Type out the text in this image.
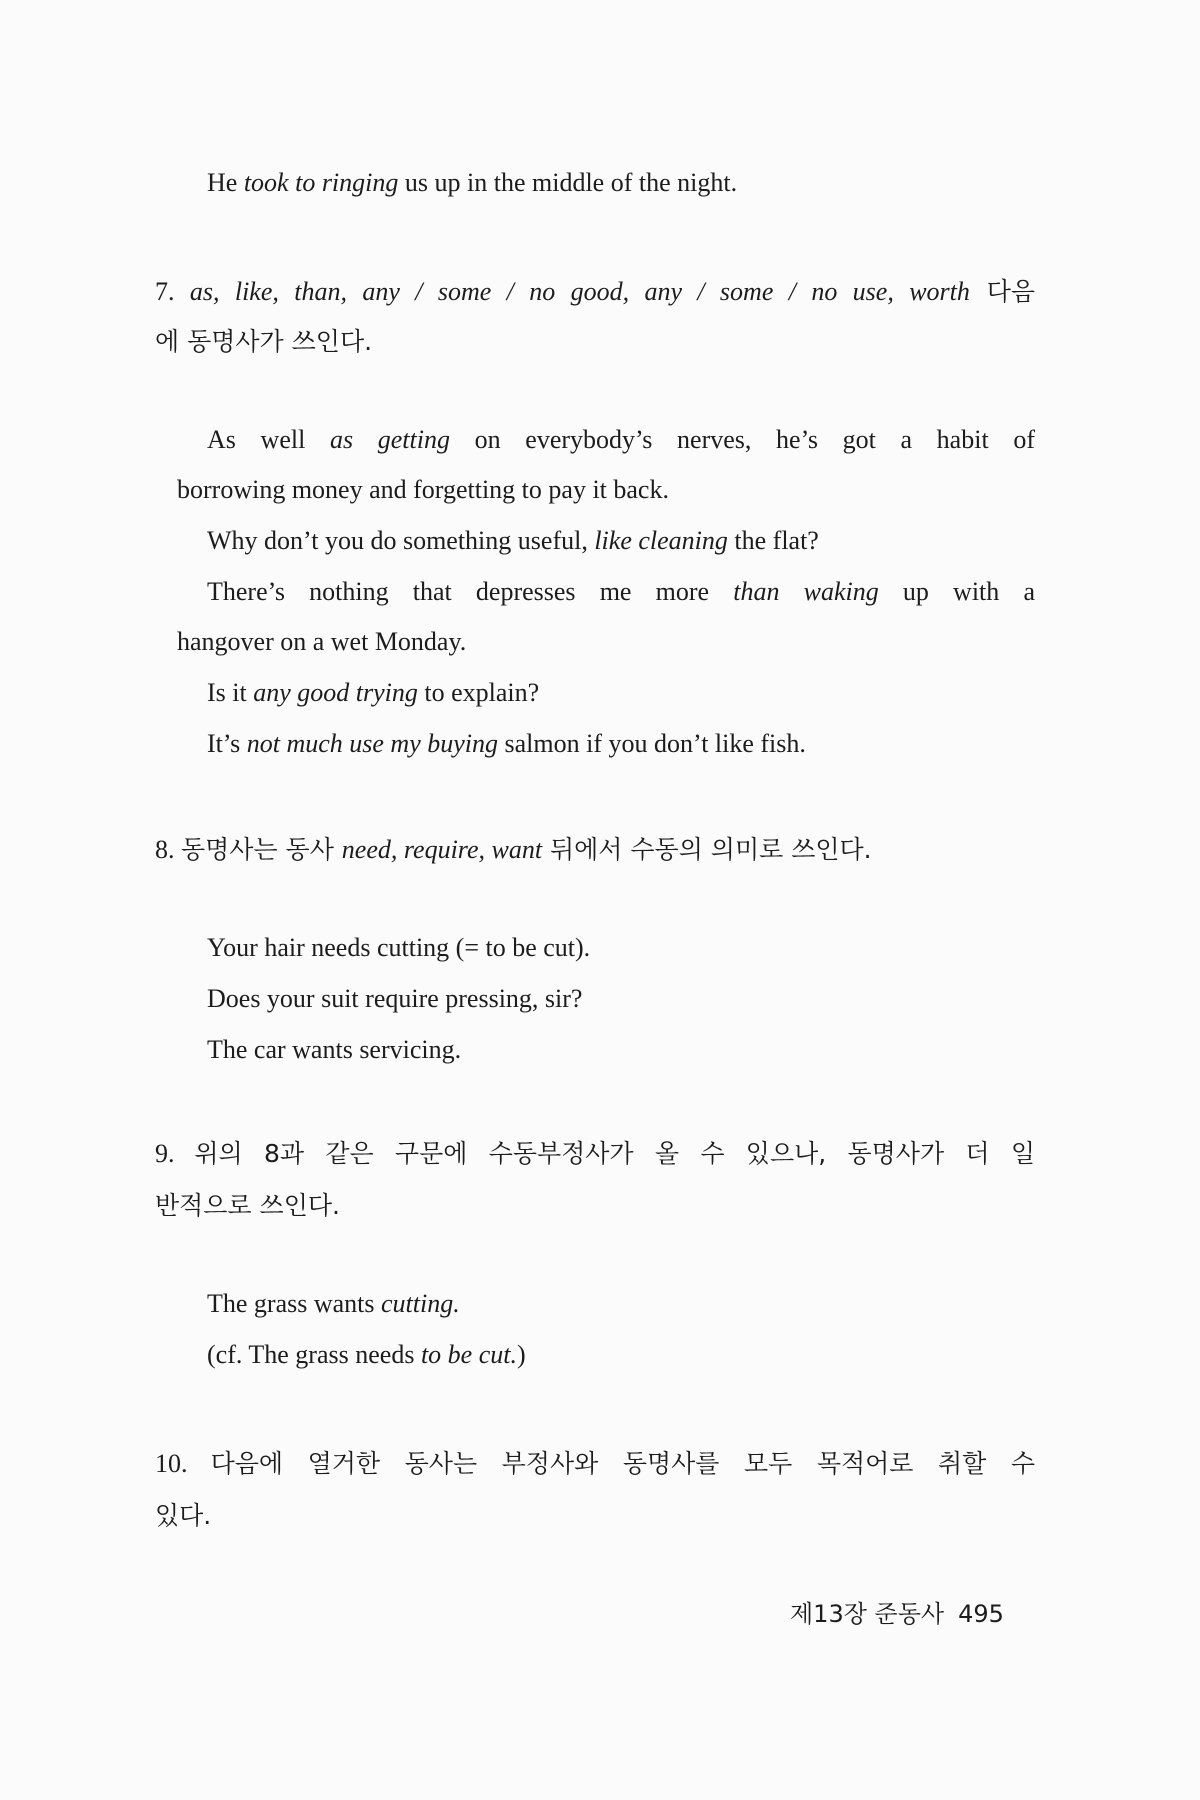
He took to ringing us up in the middle of the night.

7. as, like, than, any / some / no good, any / some / no use, worth 다음

에 동명사가 쓰인다.

As well as getting on everybody’s nerves, he’s got a habit of

borrowing money and forgetting to pay it back.

Why don’t you do something useful, like cleaning the flat?

There’s nothing that depresses me more than waking up with a

hangover on a wet Monday.

Is it any good trying to explain?

It’s not much use my buying salmon if you don’t like fish.

8. 동명사는 동사 need, require, want 뒤에서 수동의 의미로 쓰인다.

Your hair needs cutting (= to be cut).

Does your suit require pressing, sir?

The car wants servicing.

9. 위의 8과 같은 구문에 수동부정사가 올 수 있으나, 동명사가 더 일

반적으로 쓰인다.

The grass wants cutting.

(cf. The grass needs to be cut.)

10. 다음에 열거한 동사는 부정사와 동명사를 모두 목적어로 취할 수

있다.

제13장 준동사 495
